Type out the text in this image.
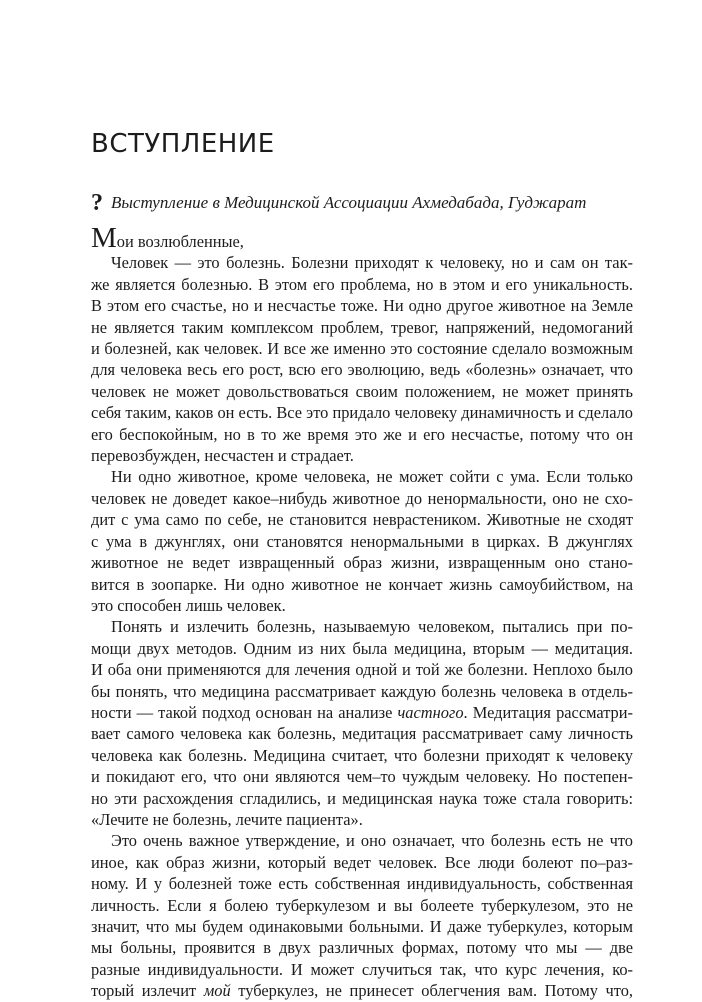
ВСТУПЛЕНИЕ
? Выступление в Медицинской Ассоциации Ахмедабада, Гуджарат
Мои возлюбленные,
Человек — это болезнь. Болезни приходят к человеку, но и сам он так-
же является болезнью. В этом его проблема, но в этом и его уникальность.
В этом его счастье, но и несчастье тоже. Ни одно другое животное на Земле
не является таким комплексом проблем, тревог, напряжений, недомоганий
и болезней, как человек. И все же именно это состояние сделало возможным
для человека весь его рост, всю его эволюцию, ведь «болезнь» означает, что
человек не может довольствоваться своим положением, не может принять
себя таким, каков он есть. Все это придало человеку динамичность и сделало
его беспокойным, но в то же время это же и его несчастье, потому что он
перевозбужден, несчастен и страдает.
Ни одно животное, кроме человека, не может сойти с ума. Если только
человек не доведет какое–нибудь животное до ненормальности, оно не схо-
дит с ума само по себе, не становится неврастеником. Животные не сходят
с ума в джунглях, они становятся ненормальными в цирках. В джунглях
животное не ведет извращенный образ жизни, извращенным оно стано-
вится в зоопарке. Ни одно животное не кончает жизнь самоубийством, на
это способен лишь человек.
Понять и излечить болезнь, называемую человеком, пытались при по-
мощи двух методов. Одним из них была медицина, вторым — медитация.
И оба они применяются для лечения одной и той же болезни. Неплохо было
бы понять, что медицина рассматривает каждую болезнь человека в отдель-
ности — такой подход основан на анализе частного. Медитация рассматри-
вает самого человека как болезнь, медитация рассматривает саму личность
человека как болезнь. Медицина считает, что болезни приходят к человеку
и покидают его, что они являются чем–то чуждым человеку. Но постепен-
но эти расхождения сгладились, и медицинская наука тоже стала говорить:
«Лечите не болезнь, лечите пациента».
Это очень важное утверждение, и оно означает, что болезнь есть не что
иное, как образ жизни, который ведет человек. Все люди болеют по–раз-
ному. И у болезней тоже есть собственная индивидуальность, собственная
личность. Если я болею туберкулезом и вы болеете туберкулезом, это не
значит, что мы будем одинаковыми больными. И даже туберкулез, которым
мы больны, проявится в двух различных формах, потому что мы — две
разные индивидуальности. И может случиться так, что курс лечения, ко-
торый излечит мой туберкулез, не принесет облегчения вам. Потому что,
